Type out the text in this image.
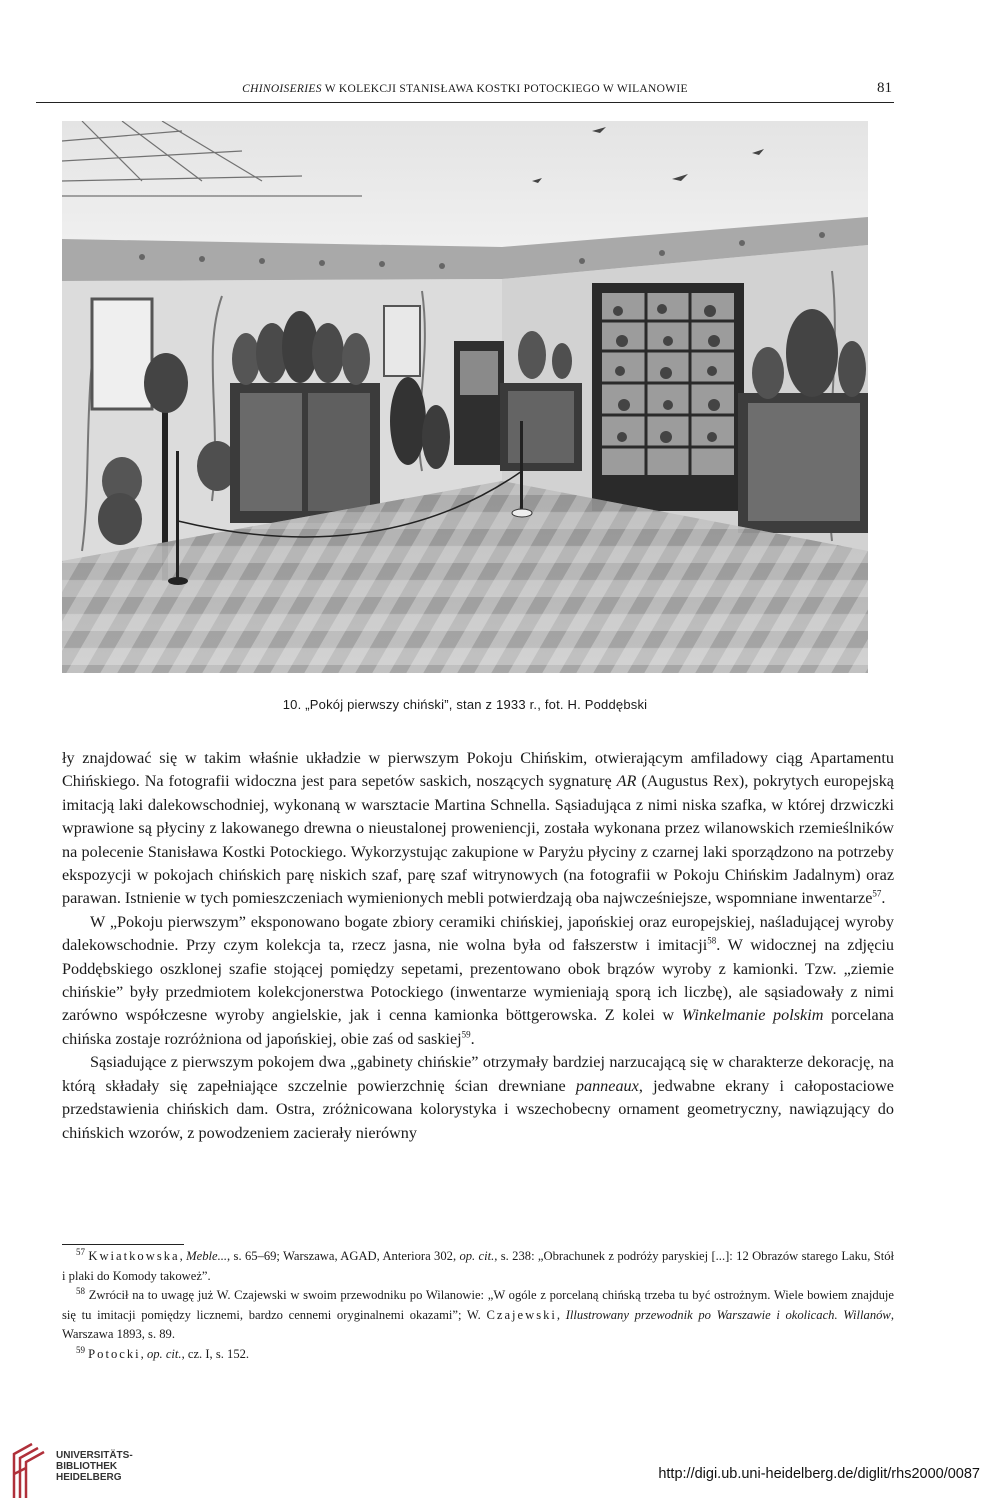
CHINOISERIES W KOLEKCJI STANISŁAWA KOSTKI POTOCKIEGO W WILANOWIE	81
10. „Pokój pierwszy chiński”, stan z 1933 r., fot. H. Poddębski

ły znajdować się w takim właśnie układzie w pierwszym Pokoju Chińskim, otwierającym amfiladowy ciąg Apartamentu Chińskiego. Na fotografii widoczna jest para sepetów saskich, noszących sygnaturę AR (Augustus Rex), pokrytych europejską imitacją laki dalekowschodniej, wykonaną w warsztacie Martina Schnella. Sąsiadująca z nimi niska szafka, w której drzwiczki wprawione są płyciny z lakowanego drewna o nieustalonej proweniencji, została wykonana przez wilanowskich rzemieślników na polecenie Stanisława Kostki Potockiego. Wykorzystując zakupione w Paryżu płyciny z czarnej laki sporządzono na potrzeby ekspozycji w pokojach chińskich parę niskich szaf, parę szaf witrynowych (na fotografii w Pokoju Chińskim Jadalnym) oraz parawan. Istnienie w tych pomieszczeniach wymienionych mebli potwierdzają oba najwcześniejsze, wspomniane inwentarze$^{57}$.

W „Pokoju pierwszym” eksponowano bogate zbiory ceramiki chińskiej, japońskiej oraz europejskiej, naśladującej wyroby dalekowschodnie. Przy czym kolekcja ta, rzecz jasna, nie wolna była od fałszerstw i imitacji$^{58}$. W widocznej na zdjęciu Poddębskiego oszklonej szafie stojącej pomiędzy sepetami, prezentowano obok brązów wyroby z kamionki. Tzw. „ziemie chińskie” były przedmiotem kolekcjonerstwa Potockiego (inwentarze wymieniają sporą ich liczbę), ale sąsiadowały z nimi zarówno współczesne wyroby angielskie, jak i cenna kamionka böttgerowska. Z kolei w Winkelmanie polskim porcelana chińska zostaje rozróżniona od japońskiej, obie zaś od saskiej$^{59}$.

Sąsiadujące z pierwszym pokojem dwa „gabinety chińskie” otrzymały bardziej narzucającą się w charakterze dekorację, na którą składały się zapełniające szczelnie powierzchnię ścian drewniane panneaux, jedwabne ekrany i całopostaciowe przedstawienia chińskich dam. Ostra, zróżnicowana kolorystyka i wszechobecny ornament geometryczny, nawiązujący do chińskich wzorów, z powodzeniem zacierały nierówny

$^{57}$ Kwiatkowska, Meble..., s. 65–69; Warszawa, AGAD, Anteriora 302, op. cit., s. 238: „Obrachunek z podróży paryskiej [...]: 12 Obrazów starego Laku, Stół i plaki do Komody takoweż”.

$^{58}$ Zwrócił na to uwagę już W. Czajewski w swoim przewodniku po Wilanowie: „W ogóle z porcelaną chińską trzeba tu być ostrożnym. Wiele bowiem znajduje się tu imitacji pomiędzy licznemi, bardzo cennemi oryginalnemi okazami”; W. Czajewski, Illustrowany przewodnik po Warszawie i okolicach. Willanów, Warszawa 1893, s. 89.

$^{59}$ Potocki, op. cit., cz. I, s. 152.

UNIVERSITÄTS-
BIBLIOTHEK
HEIDELBERG	http://digi.ub.uni-heidelberg.de/diglit/rhs2000/0087
